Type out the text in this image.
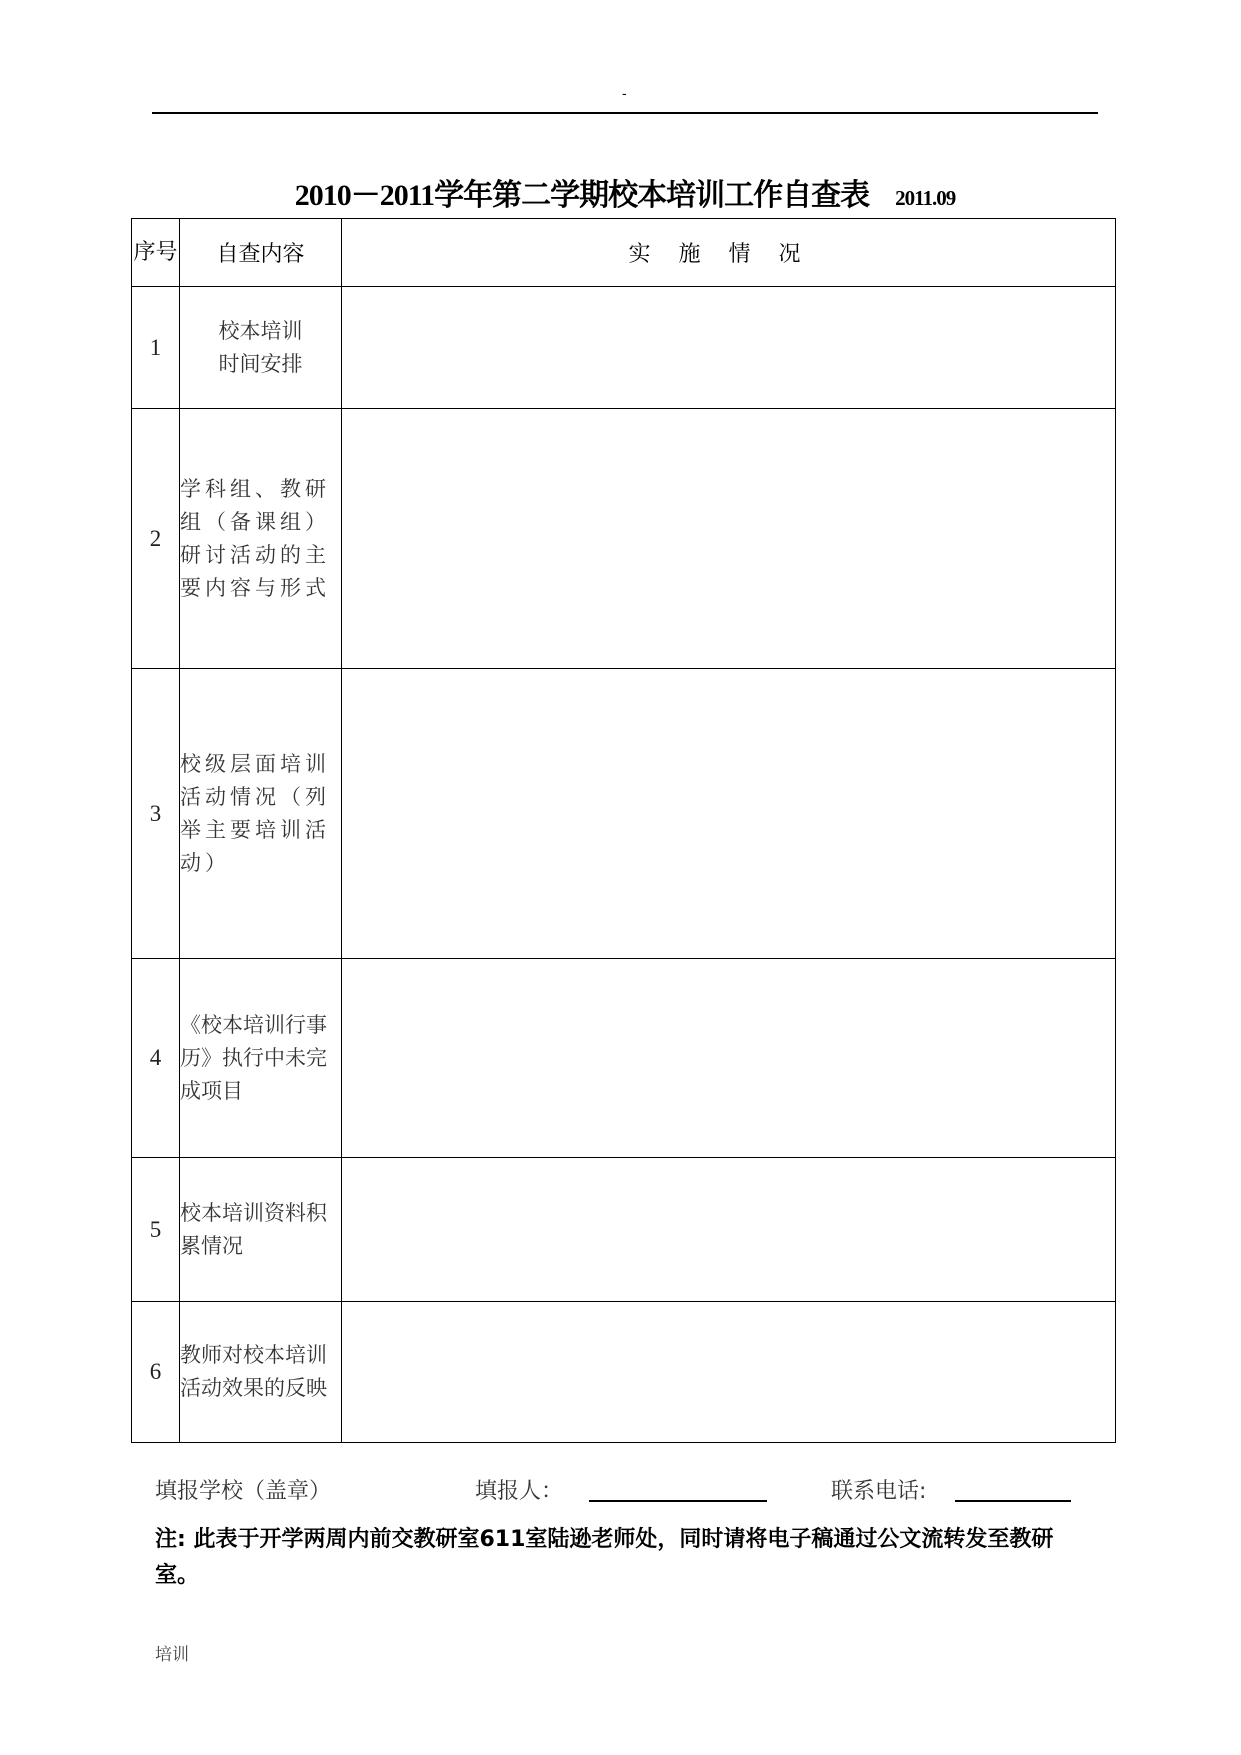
-
2010－2011学年第二学期校本培训工作自查表 2011.09
序号	自查内容	实施情况
1	校本培训
时间安排	
2	学科组、教研组（备课组）研讨活动的主要内容与形式	
3	校级层面培训活动情况（列举主要培训活动）	
4	《校本培训行事历》执行中未完成项目	
5	校本培训资料积累情况	
6	教师对校本培训活动效果的反映	
填报学校（盖章）	填报人：	联系电话:
注: 此表于开学两周内前交教研室611室陆逊老师处，同时请将电子稿通过公文流转发至教研室。
培训
